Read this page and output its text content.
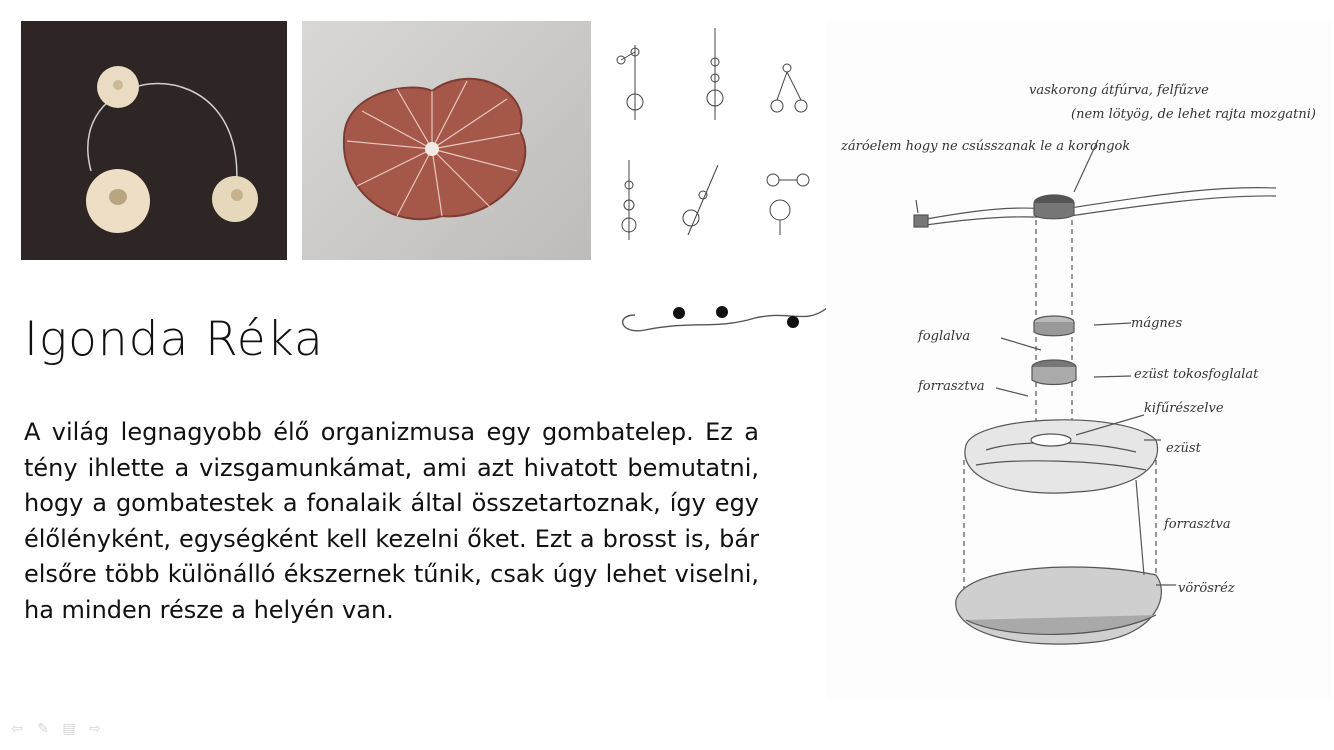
vaskorong átfúrva, felfűzve
(nem lötyög, de lehet rajta mozgatni)
záróelem hogy ne csússzanak le a korongok
mágnes
foglalva
forrasztva
ezüst tokosfoglalat
kifűrészelve
ezüst
forrasztva
vörösréz
Igonda Réka
A világ legnagyobb élő organizmusa egy gombatelep. Ez a tény ihlette a vizsgamunkámat, ami azt hivatott bemutatni, hogy a gombatestek a fonalaik által összetartoznak, így egy élőlényként, egységként kell kezelni őket. Ezt a brosst is, bár elsőre több különálló ékszernek tűnik, csak úgy lehet viselni, ha minden része a helyén van.
⇦ ✎ ▤ ⇨
